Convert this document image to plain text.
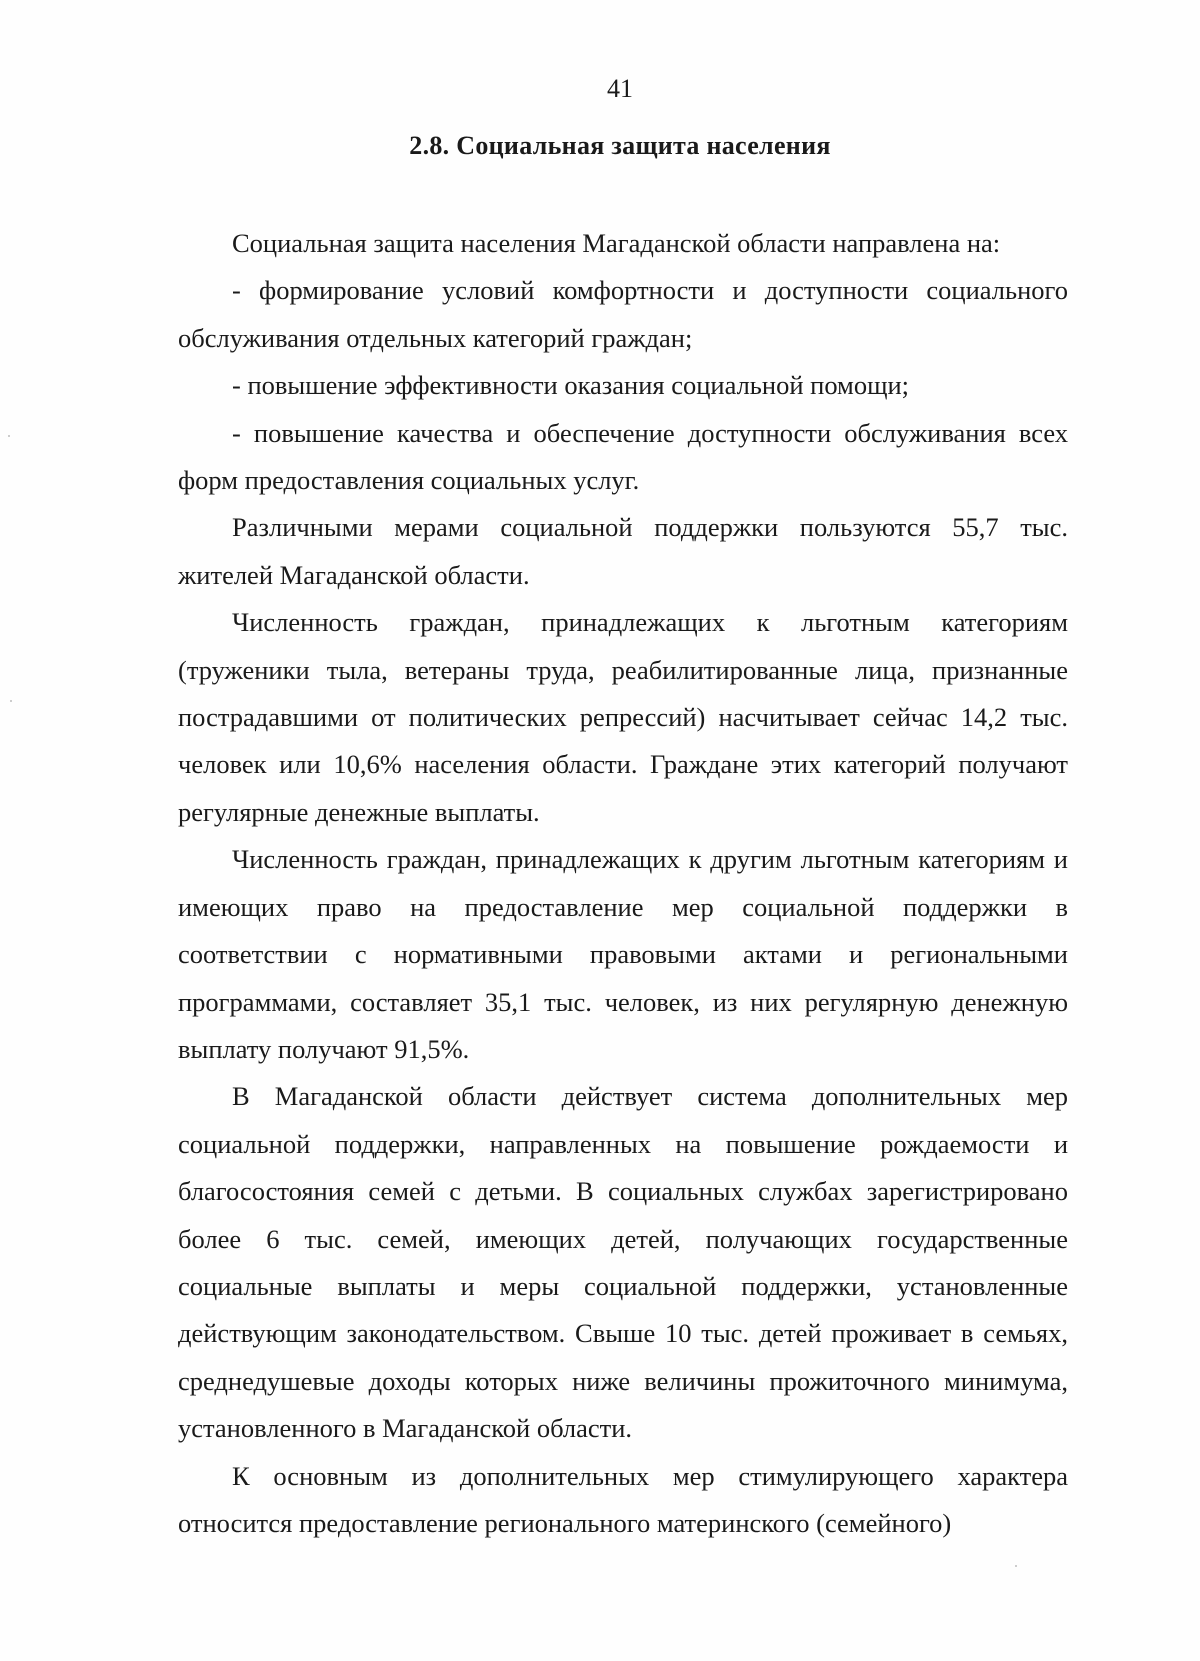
41
2.8. Социальная защита населения

Социальная защита населения Магаданской области направлена на:

- формирование условий комфортности и доступности социального обслуживания отдельных категорий граждан;

- повышение эффективности оказания социальной помощи;

- повышение качества и обеспечение доступности обслуживания всех форм предоставления социальных услуг.

Различными мерами социальной поддержки пользуются 55,7 тыс. жителей Магаданской области.

Численность граждан, принадлежащих к льготным категориям (труженики тыла, ветераны труда, реабилитированные лица, признанные пострадавшими от политических репрессий) насчитывает сейчас 14,2 тыс. человек или 10,6% населения области. Граждане этих категорий получают регулярные денежные выплаты.

Численность граждан, принадлежащих к другим льготным категориям и имеющих право на предоставление мер социальной поддержки в соответствии с нормативными правовыми актами и региональными программами, составляет 35,1 тыс. человек, из них регулярную денежную выплату получают 91,5%.

В Магаданской области действует система дополнительных мер социальной поддержки, направленных на повышение рождаемости и благосостояния семей с детьми. В социальных службах зарегистрировано более 6 тыс. семей, имеющих детей, получающих государственные социальные выплаты и меры социальной поддержки, установленные действующим законодательством. Свыше 10 тыс. детей проживает в семьях, среднедушевые доходы которых ниже величины прожиточного минимума, установленного в Магаданской области.

К основным из дополнительных мер стимулирующего характера относится предоставление регионального материнского (семейного)
